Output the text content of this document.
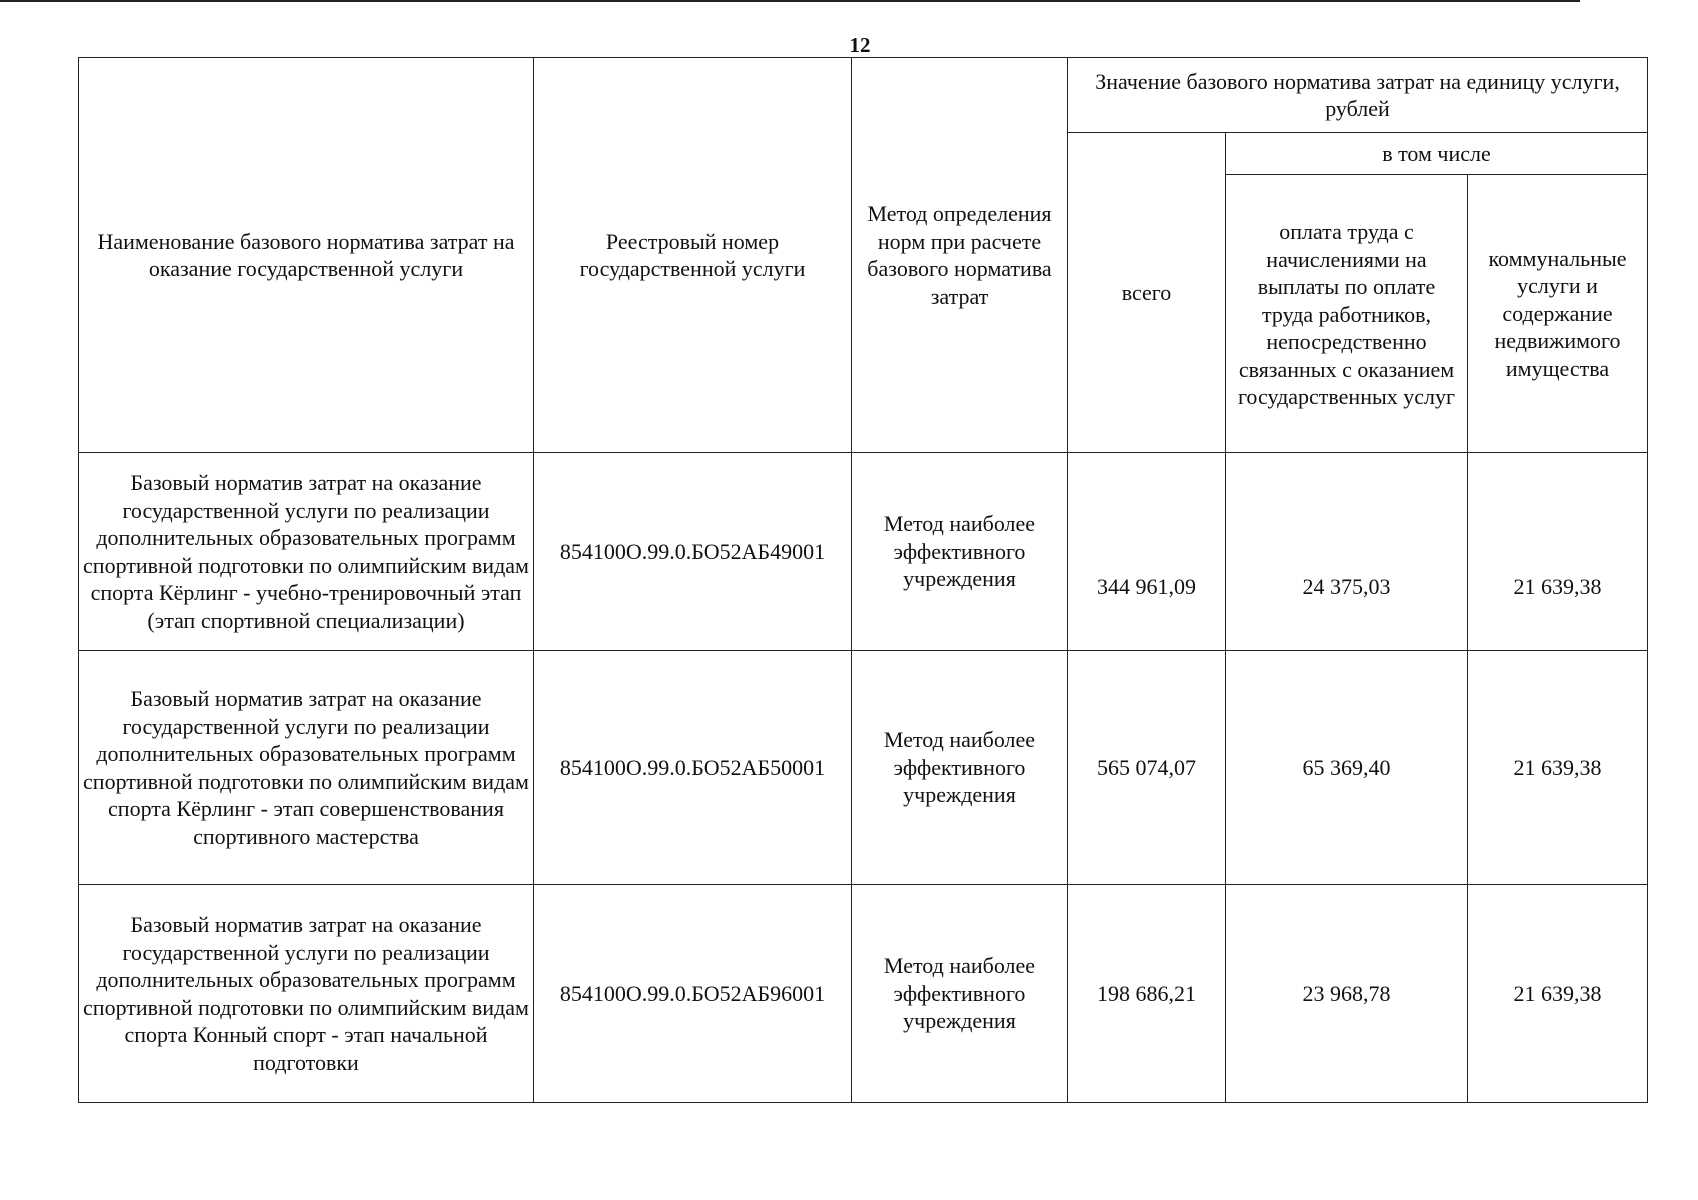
12
Наименование базового норматива затрат на оказание государственной услуги	Реестровый номер государственной услуги	Метод определения норм при расчете базового норматива затрат	Значение базового норматива затрат на единицу услуги, рублей		
			всего	в том числе	
				оплата труда с начислениями на выплаты по оплате труда работников, непосредственно связанных с оказанием государственных услуг	коммунальные услуги и содержание недвижимого имущества
Базовый норматив затрат на оказание государственной услуги по реализации дополнительных образовательных программ спортивной подготовки по олимпийским видам спорта Кёрлинг - учебно-тренировочный этап (этап спортивной специализации)	854100О.99.0.БО52АБ49001	Метод наиболее эффективного учреждения	344 961,09	24 375,03	21 639,38
Базовый норматив затрат на оказание государственной услуги по реализации дополнительных образовательных программ спортивной подготовки по олимпийским видам спорта Кёрлинг - этап совершенствования спортивного мастерства	854100О.99.0.БО52АБ50001	Метод наиболее эффективного учреждения	565 074,07	65 369,40	21 639,38
Базовый норматив затрат на оказание государственной услуги по реализации дополнительных образовательных программ спортивной подготовки по олимпийским видам спорта Конный спорт - этап начальной подготовки	854100О.99.0.БО52АБ96001	Метод наиболее эффективного учреждения	198 686,21	23 968,78	21 639,38
